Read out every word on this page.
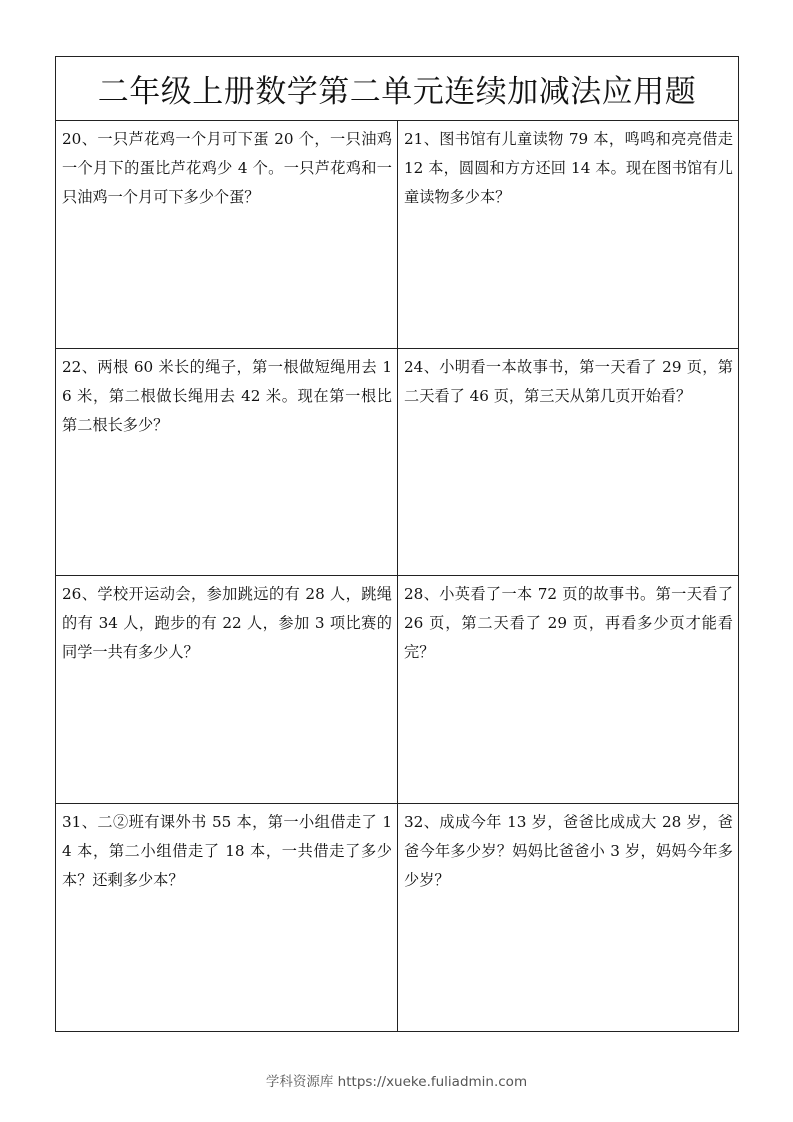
二年级上册数学第二单元连续加减法应用题
20、一只芦花鸡一个月可下蛋 20 个，一只油鸡一个月下的蛋比芦花鸡少 4 个。一只芦花鸡和一只油鸡一个月可下多少个蛋？
21、图书馆有儿童读物 79 本，鸣鸣和亮亮借走 12 本，圆圆和方方还回 14 本。现在图书馆有儿童读物多少本？
22、两根 60 米长的绳子，第一根做短绳用去 16 米，第二根做长绳用去 42 米。现在第一根比第二根长多少？
24、小明看一本故事书，第一天看了 29 页，第二天看了 46 页，第三天从第几页开始看？
26、学校开运动会，参加跳远的有 28 人，跳绳的有 34 人，跑步的有 22 人，参加 3 项比赛的同学一共有多少人？
28、小英看了一本 72 页的故事书。第一天看了 26 页，第二天看了 29 页，再看多少页才能看完？
31、二②班有课外书 55 本，第一小组借走了 14 本，第二小组借走了 18 本，一共借走了多少本？还剩多少本？
32、成成今年 13 岁，爸爸比成成大 28 岁，爸爸今年多少岁？妈妈比爸爸小 3 岁，妈妈今年多少岁？
学科资源库 https://xueke.fuliadmin.com
